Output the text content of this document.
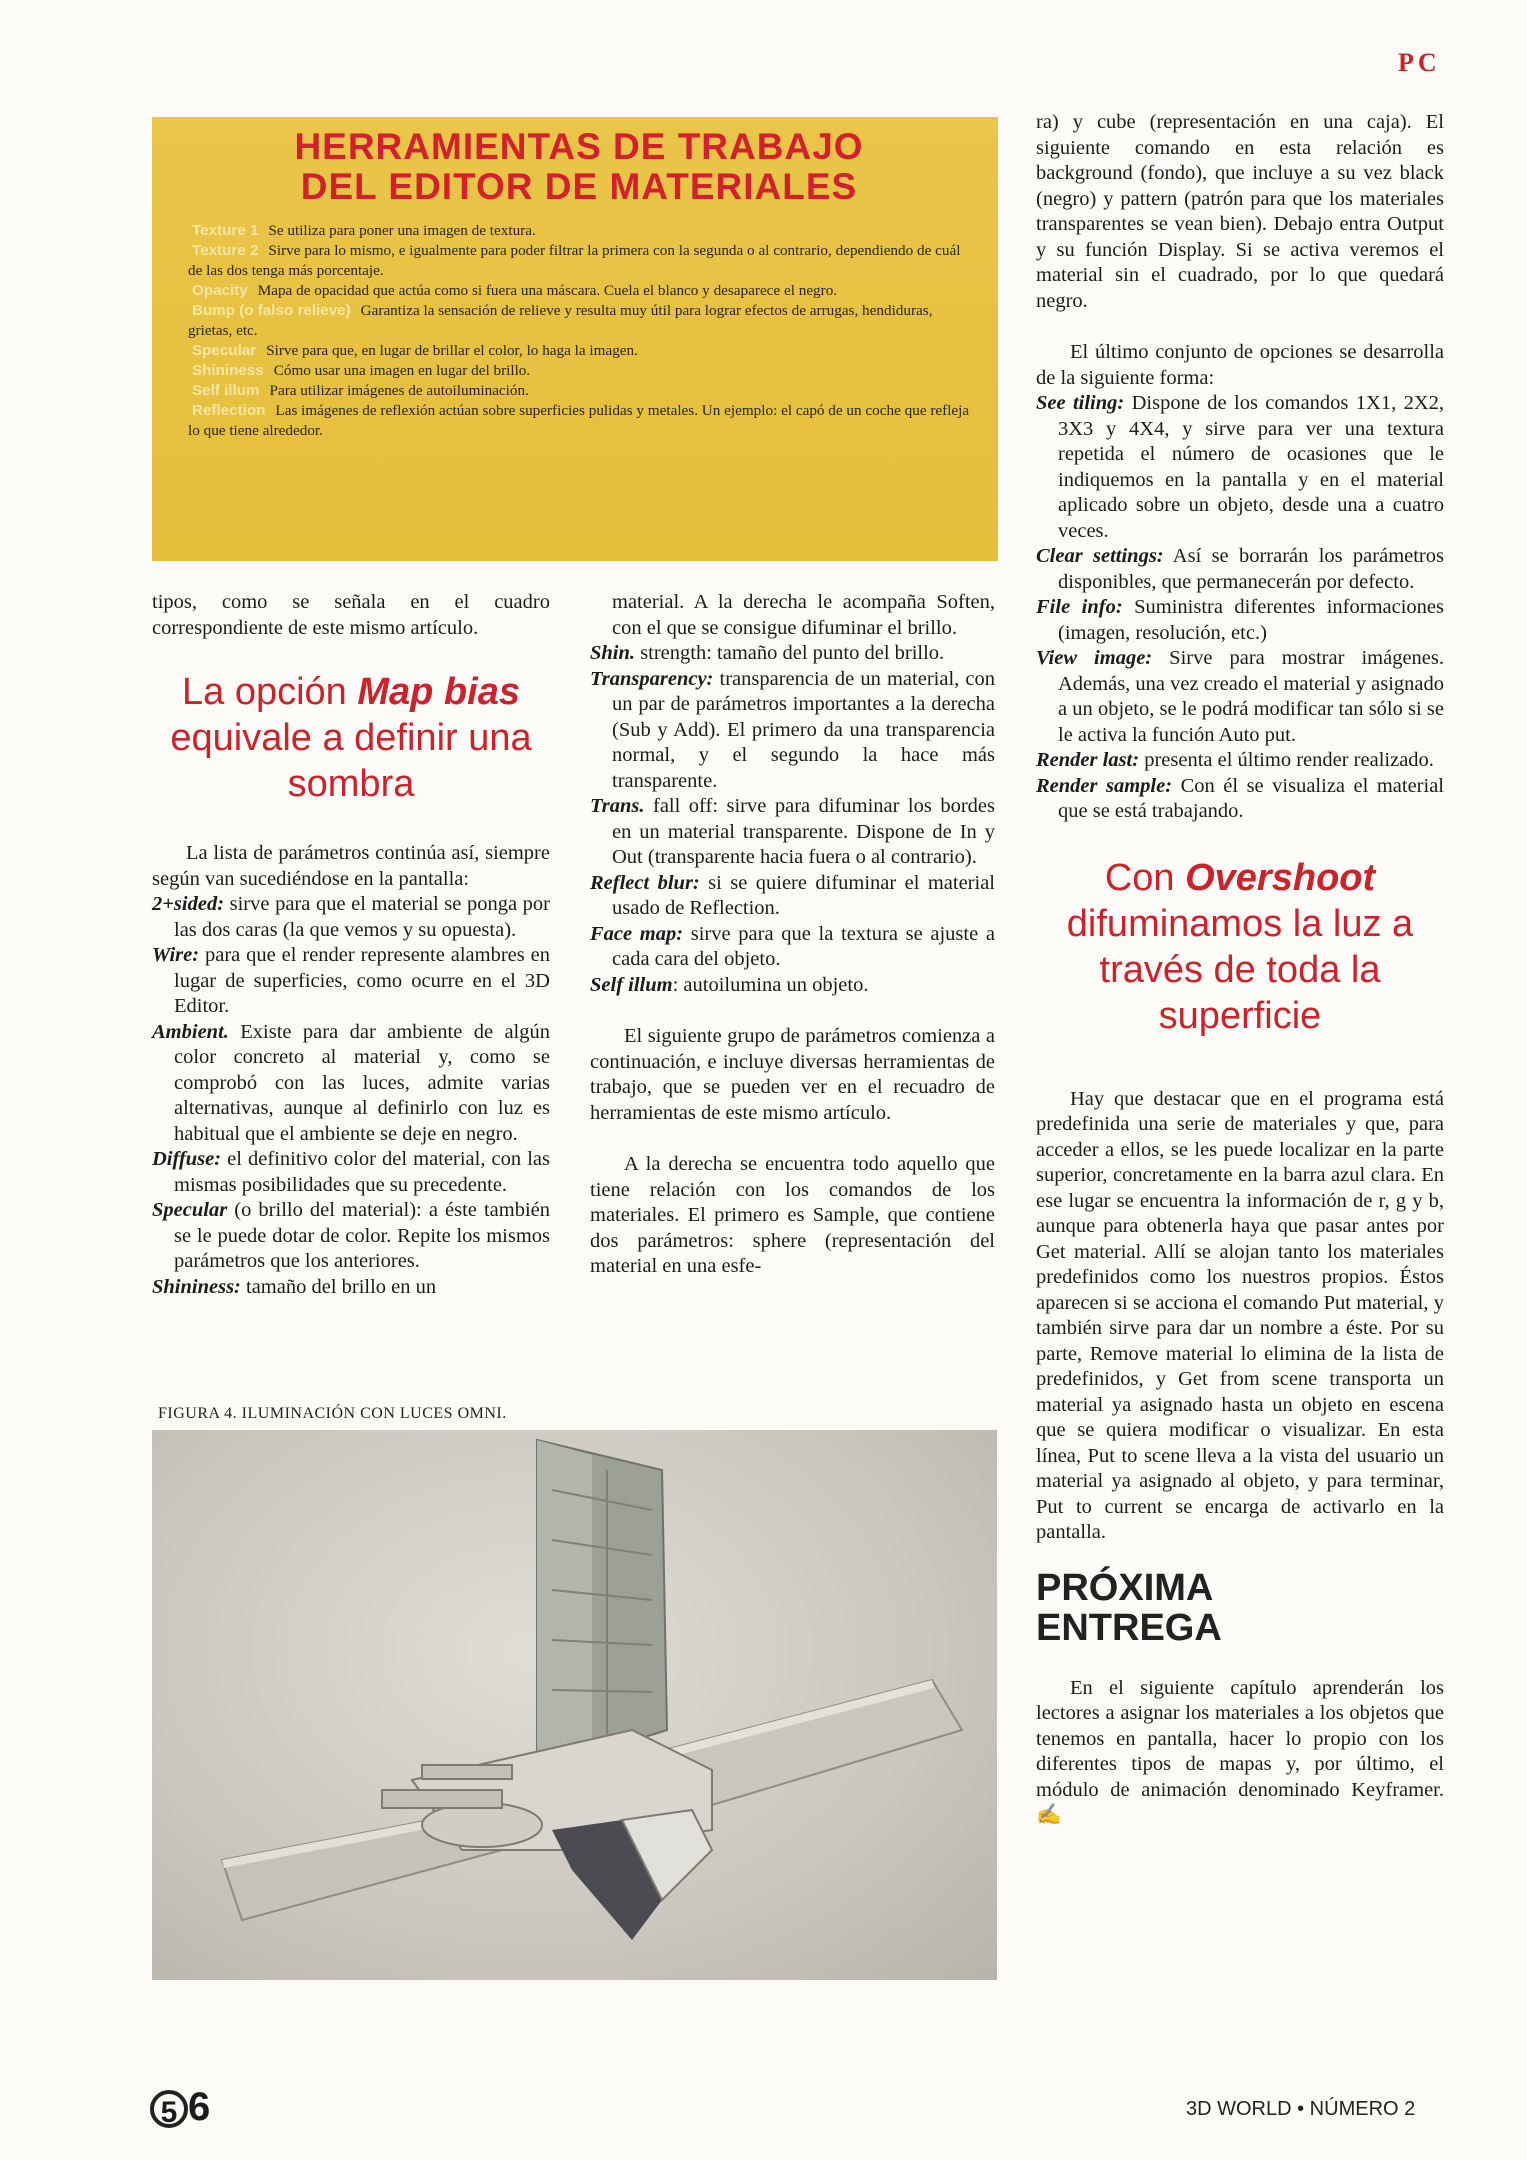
PC
HERRAMIENTAS DE TRABAJO
DEL EDITOR DE MATERIALES

Texture 1 Se utiliza para poner una imagen de textura.

Texture 2 Sirve para lo mismo, e igualmente para poder filtrar la primera con la segunda o al contrario, dependiendo de cuál de las dos tenga más porcentaje.

Opacity Mapa de opacidad que actúa como si fuera una máscara. Cuela el blanco y desaparece el negro.

Bump (o falso relieve) Garantiza la sensación de relieve y resulta muy útil para lograr efectos de arrugas, hendiduras, grietas, etc.

Specular Sirve para que, en lugar de brillar el color, lo haga la imagen.

Shininess Cómo usar una imagen en lugar del brillo.

Self illum Para utilizar imágenes de autoiluminación.

Reflection Las imágenes de reflexión actúan sobre superficies pulidas y metales. Un ejemplo: el capó de un coche que refleja lo que tiene alrededor.

tipos, como se señala en el cuadro correspondiente de este mismo artículo.

La opción Map bias equivale a definir una sombra

La lista de parámetros continúa así, siempre según van sucediéndose en la pantalla:

2+sided: sirve para que el material se ponga por las dos caras (la que vemos y su opuesta).

Wire: para que el render represente alambres en lugar de superficies, como ocurre en el 3D Editor.

Ambient. Existe para dar ambiente de algún color concreto al material y, como se comprobó con las luces, admite varias alternativas, aunque al definirlo con luz es habitual que el ambiente se deje en negro.

Diffuse: el definitivo color del material, con las mismas posibilidades que su precedente.

Specular (o brillo del material): a éste también se le puede dotar de color. Repite los mismos parámetros que los anteriores.

Shininess: tamaño del brillo en un

material. A la derecha le acompaña Soften, con el que se consigue difuminar el brillo.

Shin. strength: tamaño del punto del brillo.

Transparency: transparencia de un material, con un par de parámetros importantes a la derecha (Sub y Add). El primero da una transparencia normal, y el segundo la hace más transparente.

Trans. fall off: sirve para difuminar los bordes en un material transparente. Dispone de In y Out (transparente hacia fuera o al contrario).

Reflect blur: si se quiere difuminar el material usado de Reflection.

Face map: sirve para que la textura se ajuste a cada cara del objeto.

Self illum: autoilumina un objeto.

El siguiente grupo de parámetros comienza a continuación, e incluye diversas herramientas de trabajo, que se pueden ver en el recuadro de herramientas de este mismo artículo.

A la derecha se encuentra todo aquello que tiene relación con los comandos de los materiales. El primero es Sample, que contiene dos parámetros: sphere (representación del material en una esfe-

ra) y cube (representación en una caja). El siguiente comando en esta relación es background (fondo), que incluye a su vez black (negro) y pattern (patrón para que los materiales transparentes se vean bien). Debajo entra Output y su función Display. Si se activa veremos el material sin el cuadrado, por lo que quedará negro.

El último conjunto de opciones se desarrolla de la siguiente forma:

See tiling: Dispone de los comandos 1X1, 2X2, 3X3 y 4X4, y sirve para ver una textura repetida el número de ocasiones que le indiquemos en la pantalla y en el material aplicado sobre un objeto, desde una a cuatro veces.

Clear settings: Así se borrarán los parámetros disponibles, que permanecerán por defecto.

File info: Suministra diferentes informaciones (imagen, resolución, etc.)

View image: Sirve para mostrar imágenes. Además, una vez creado el material y asignado a un objeto, se le podrá modificar tan sólo si se le activa la función Auto put.

Render last: presenta el último render realizado.

Render sample: Con él se visualiza el material que se está trabajando.

Con Overshoot difuminamos la luz a través de toda la superficie

Hay que destacar que en el programa está predefinida una serie de materiales y que, para acceder a ellos, se les puede localizar en la parte superior, concretamente en la barra azul clara. En ese lugar se encuentra la información de r, g y b, aunque para obtenerla haya que pasar antes por Get material. Allí se alojan tanto los materiales predefinidos como los nuestros propios. Éstos aparecen si se acciona el comando Put material, y también sirve para dar un nombre a éste. Por su parte, Remove material lo elimina de la lista de predefinidos, y Get from scene transporta un material ya asignado hasta un objeto en escena que se quiera modificar o visualizar. En esta línea, Put to scene lleva a la vista del usuario un material ya asignado al objeto, y para terminar, Put to current se encarga de activarlo en la pantalla.

PRÓXIMA
ENTREGA

En el siguiente capítulo aprenderán los lectores a asignar los materiales a los objetos que tenemos en pantalla, hacer lo propio con los diferentes tipos de mapas y, por último, el módulo de animación denominado Keyframer. ✍

FIGURA 4. ILUMINACIÓN CON LUCES OMNI.
5 6	3D WORLD • NÚMERO 2
